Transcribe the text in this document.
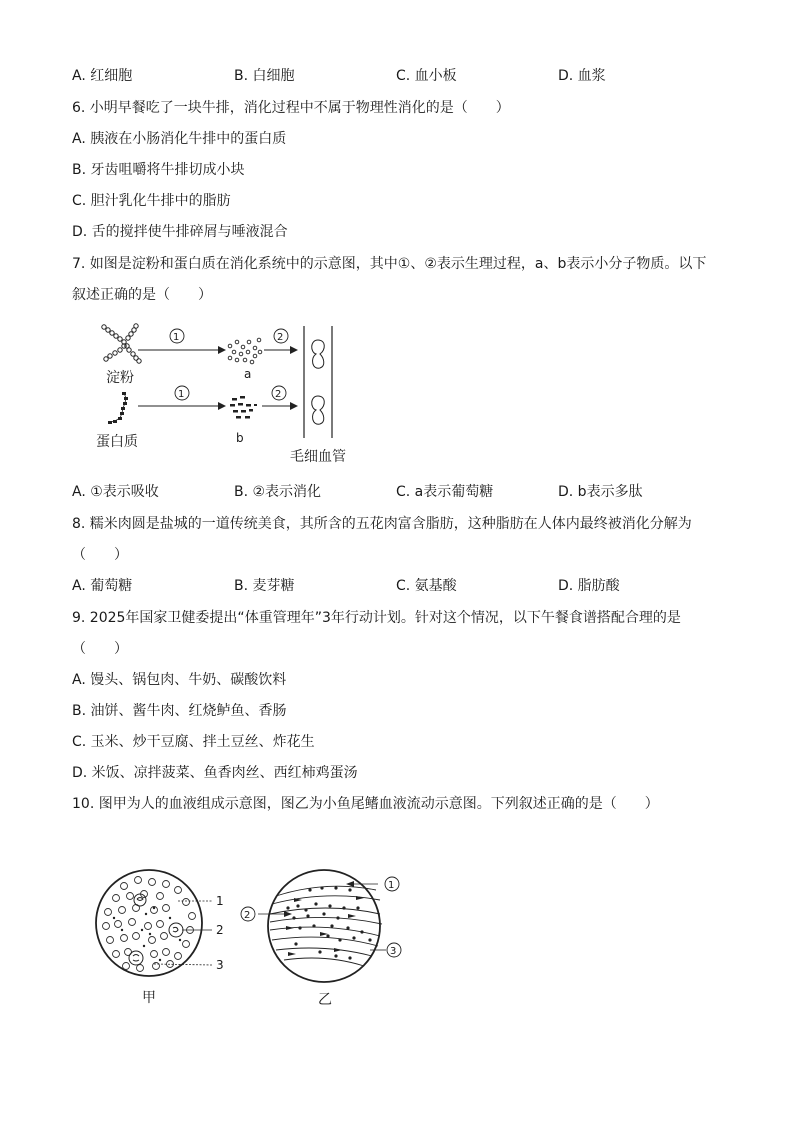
A. 红细胞	B. 白细胞	C. 血小板	D. 血浆
6. 小明早餐吃了一块牛排，消化过程中不属于物理性消化的是（　　）
A. 胰液在小肠消化牛排中的蛋白质
B. 牙齿咀嚼将牛排切成小块
C. 胆汁乳化牛排中的脂肪
D. 舌的搅拌使牛排碎屑与唾液混合
7. 如图是淀粉和蛋白质在消化系统中的示意图，其中①、②表示生理过程，a、b表示小分子物质。以下
叙述正确的是（　　）
淀粉
1
a
2
蛋白质
1
b
2
毛细血管
A. ①表示吸收	B. ②表示消化	C. a表示葡萄糖	D. b表示多肽
8. 糯米肉圆是盐城的一道传统美食，其所含的五花肉富含脂肪，这种脂肪在人体内最终被消化分解为
（　　）
A. 葡萄糖	B. 麦芽糖	C. 氨基酸	D. 脂肪酸
9. 2025年国家卫健委提出“体重管理年”3年行动计划。针对这个情况，以下午餐食谱搭配合理的是
（　　）
A. 馒头、锅包肉、牛奶、碳酸饮料
B. 油饼、酱牛肉、红烧鲈鱼、香肠
C. 玉米、炒干豆腐、拌土豆丝、炸花生
D. 米饭、凉拌菠菜、鱼香肉丝、西红柿鸡蛋汤
10. 图甲为人的血液组成示意图，图乙为小鱼尾鳍血液流动示意图。下列叙述正确的是（　　）
1
2
3
甲
1
2
3
乙
